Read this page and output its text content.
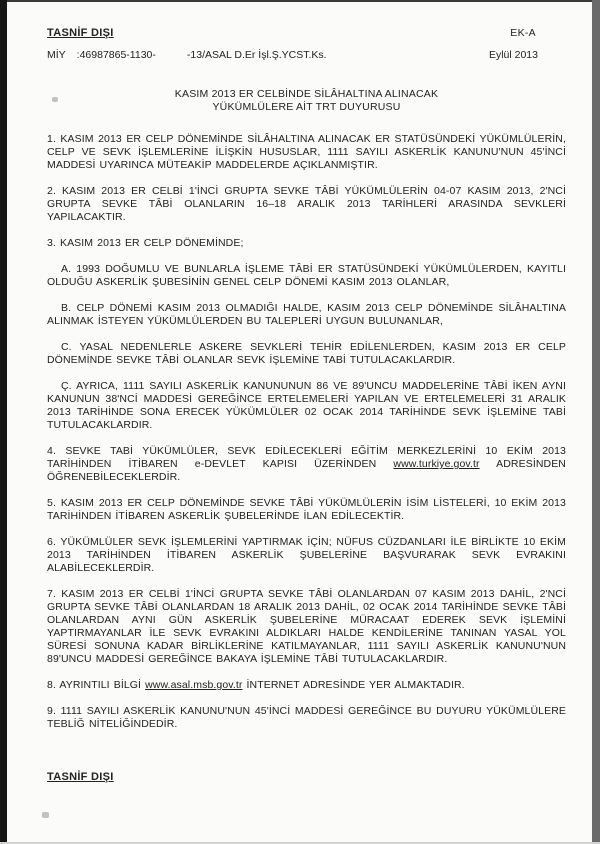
TASNİF DIŞI	EK-A
MİY :46987865-1130-	-13/ASAL D.Er İşl.Ş.YCST.Ks.	Eylül 2013
KASIM 2013 ER CELBİNDE SİLÂHALTINA ALINACAK
YÜKÜMLÜLERE AİT TRT DUYURUSU

1. KASIM 2013 ER CELP DÖNEMİNDE SİLÂHALTINA ALINACAK ER STATÜSÜNDEKİ YÜKÜMLÜLERİN, CELP VE SEVK İŞLEMLERİNE İLİŞKİN HUSUSLAR, 1111 SAYILI ASKERLİK KANUNU'NUN 45'İNCİ MADDESİ UYARINCA MÜTEAKİP MADDELERDE AÇIKLANMIŞTIR.

2. KASIM 2013 ER CELBİ 1'İNCİ GRUPTA SEVKE TÂBİ YÜKÜMLÜLERİN 04-07 KASIM 2013, 2'NCİ GRUPTA SEVKE TÂBİ OLANLARIN 16–18 ARALIK 2013 TARİHLERİ ARASINDA SEVKLERİ YAPILACAKTIR.

3. KASIM 2013 ER CELP DÖNEMİNDE;

A. 1993 DOĞUMLU VE BUNLARLA İŞLEME TÂBİ ER STATÜSÜNDEKİ YÜKÜMLÜLERDEN, KAYITLI OLDUĞU ASKERLİK ŞUBESİNİN GENEL CELP DÖNEMİ KASIM 2013 OLANLAR,

B. CELP DÖNEMİ KASIM 2013 OLMADIĞI HALDE, KASIM 2013 CELP DÖNEMİNDE SİLÂHALTINA ALINMAK İSTEYEN YÜKÜMLÜLERDEN BU TALEPLERİ UYGUN BULUNANLAR,

C. YASAL NEDENLERLE ASKERE SEVKLERİ TEHİR EDİLENLERDEN, KASIM 2013 ER CELP DÖNEMİNDE SEVKE TÂBİ OLANLAR SEVK İŞLEMİNE TABİ TUTULACAKLARDIR.

Ç. AYRICA, 1111 SAYILI ASKERLİK KANUNUNUN 86 VE 89'UNCU MADDELERİNE TÂBİ İKEN AYNI KANUNUN 38'NCİ MADDESİ GEREĞİNCE ERTELEMELERİ YAPILAN VE ERTELEMELERİ 31 ARALIK 2013 TARİHİNDE SONA ERECEK YÜKÜMLÜLER 02 OCAK 2014 TARİHİNDE SEVK İŞLEMİNE TABİ TUTULACAKLARDIR.

4. SEVKE TABİ YÜKÜMLÜLER, SEVK EDİLECEKLERİ EĞİTİM MERKEZLERİNİ 10 EKİM 2013 TARİHİNDEN İTİBAREN e-DEVLET KAPISI ÜZERİNDEN www.turkiye.gov.tr ADRESİNDEN ÖĞRENEBİLECEKLERDİR.

5. KASIM 2013 ER CELP DÖNEMİNDE SEVKE TÂBİ YÜKÜMLÜLERİN İSİM LİSTELERİ, 10 EKİM 2013 TARİHİNDEN İTİBAREN ASKERLİK ŞUBELERİNDE İLAN EDİLECEKTİR.

6. YÜKÜMLÜLER SEVK İŞLEMLERİNİ YAPTIRMAK İÇİN; NÜFUS CÜZDANLARI İLE BİRLİKTE 10 EKİM 2013 TARİHİNDEN İTİBAREN ASKERLİK ŞUBELERİNE BAŞVURARAK SEVK EVRAKINI ALABİLECEKLERDİR.

7. KASIM 2013 ER CELBİ 1'İNCİ GRUPTA SEVKE TÂBİ OLANLARDAN 07 KASIM 2013 DAHİL, 2'NCİ GRUPTA SEVKE TÂBİ OLANLARDAN 18 ARALIK 2013 DAHİL, 02 OCAK 2014 TARİHİNDE SEVKE TÂBİ OLANLARDAN AYNI GÜN ASKERLİK ŞUBELERİNE MÜRACAAT EDEREK SEVK İŞLEMİNİ YAPTIRMAYANLAR İLE SEVK EVRAKINI ALDIKLARI HALDE KENDİLERİNE TANINAN YASAL YOL SÜRESİ SONUNA KADAR BİRLİKLERİNE KATILMAYANLAR, 1111 SAYILI ASKERLİK KANUNU'NUN 89'UNCU MADDESİ GEREĞİNCE BAKAYA İŞLEMİNE TÂBİ TUTULACAKLARDIR.

8. AYRINTILI BİLGİ www.asal.msb.gov.tr İNTERNET ADRESİNDE YER ALMAKTADIR.

9. 1111 SAYILI ASKERLİK KANUNU'NUN 45'İNCİ MADDESİ GEREĞİNCE BU DUYURU YÜKÜMLÜLERE TEBLİĞ NİTELİĞİNDEDİR.

TASNİF DIŞI
